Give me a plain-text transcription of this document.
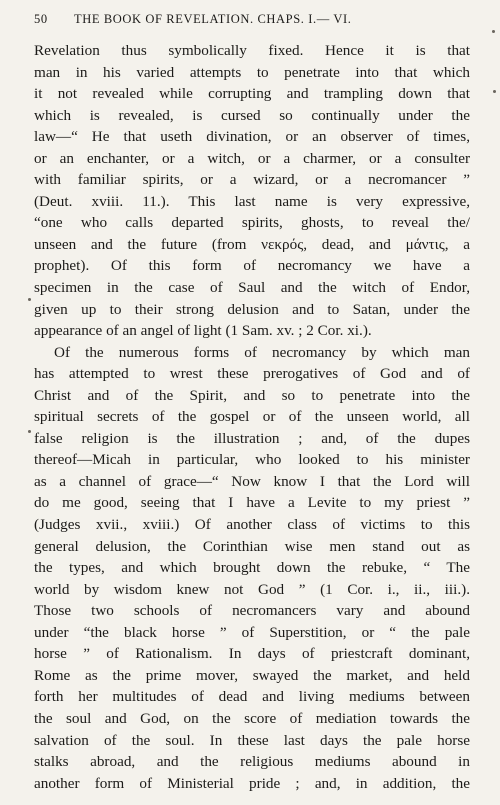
50 THE BOOK OF REVELATION. CHAPS. I.— VI.
Revelation thus symbolically fixed. Hence it is that
man in his varied attempts to penetrate into that which
it not revealed while corrupting and trampling down that
which is revealed, is cursed so continually under the
law—“ He that useth divination, or an observer of times,
or an enchanter, or a witch, or a charmer, or a consulter
with familiar spirits, or a wizard, or a necromancer ”
(Deut. xviii. 11.). This last name is very expressive,
“one who calls departed spirits, ghosts, to reveal the/
unseen and the future (from νεκρός, dead, and μάντις, a
prophet). Of this form of necromancy we have a
specimen in the case of Saul and the witch of Endor,
given up to their strong delusion and to Satan, under the
appearance of an angel of light (1 Sam. xv. ; 2 Cor. xi.).
Of the numerous forms of necromancy by which man
has attempted to wrest these prerogatives of God and of
Christ and of the Spirit, and so to penetrate into the
spiritual secrets of the gospel or of the unseen world, all
false religion is the illustration ; and, of the dupes
thereof—Micah in particular, who looked to his minister
as a channel of grace—“ Now know I that the Lord will
do me good, seeing that I have a Levite to my priest ”
(Judges xvii., xviii.) Of another class of victims to this
general delusion, the Corinthian wise men stand out as
the types, and which brought down the rebuke, “ The
world by wisdom knew not God ” (1 Cor. i., ii., iii.).
Those two schools of necromancers vary and abound
under “the black horse ” of Superstition, or “ the pale
horse ” of Rationalism. In days of priestcraft dominant,
Rome as the prime mover, swayed the market, and held
forth her multitudes of dead and living mediums between
the soul and God, on the score of mediation towards the
salvation of the soul. In these last days the pale horse
stalks abroad, and the religious mediums abound in
another form of Ministerial pride ; and, in addition, the
